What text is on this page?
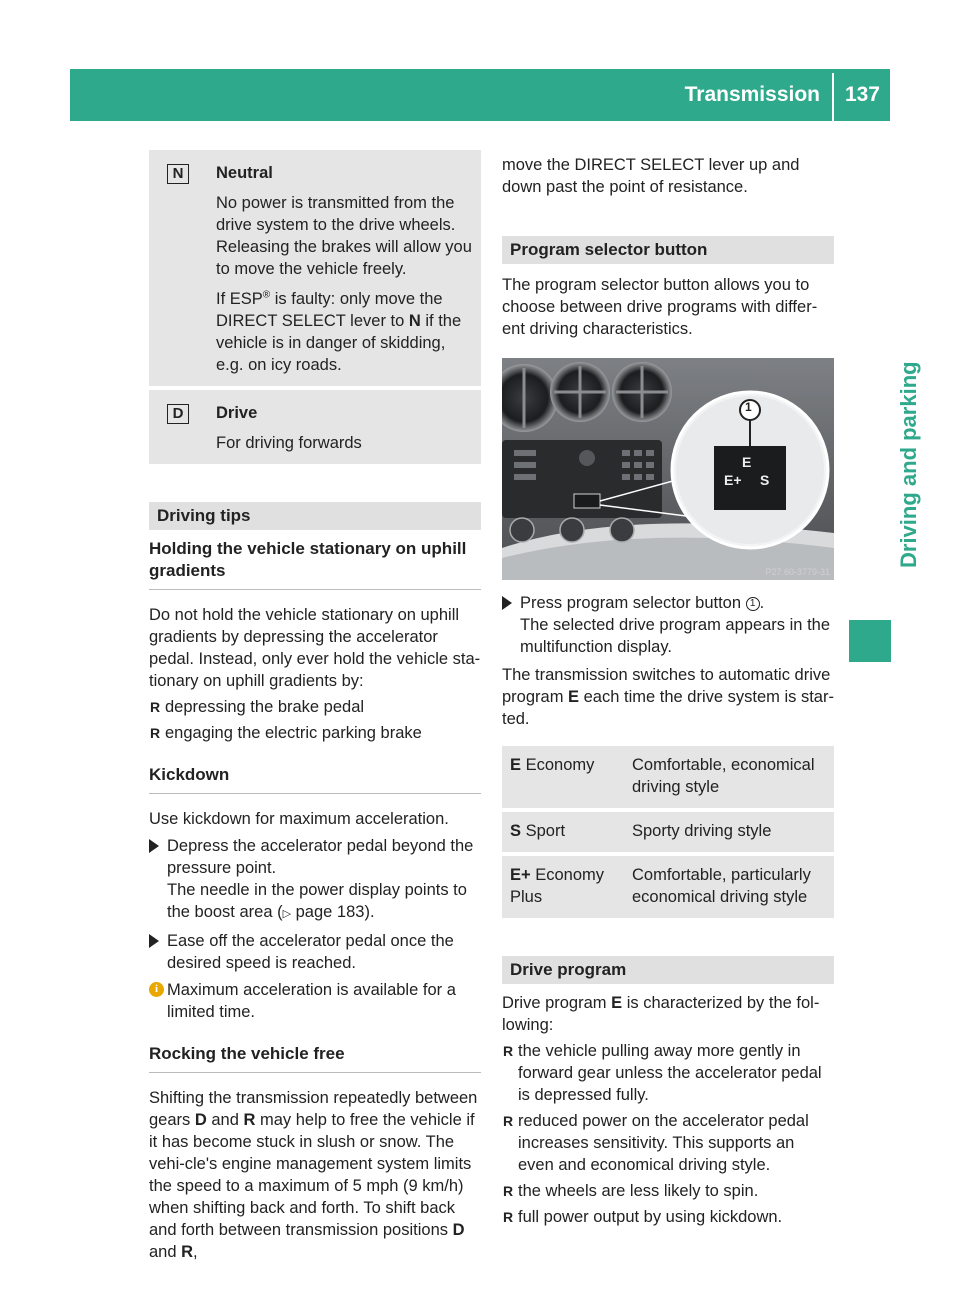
Transmission 137
Driving and parking
N	Neutral
No power is transmitted from the drive system to the drive wheels. Releasing the brakes will allow you to move the vehicle freely.
If ESP® is faulty: only move the DIRECT SELECT lever to N if the vehicle is in danger of skidding, e.g. on icy roads.

D	Drive
For driving forwards
Driving tips
Holding the vehicle stationary on uphill gradients
Do not hold the vehicle stationary on uphill gradients by depressing the accelerator pedal. Instead, only ever hold the vehicle sta-tionary on uphill gradients by:
R depressing the brake pedal
R engaging the electric parking brake
Kickdown
Use kickdown for maximum acceleration.
Depress the accelerator pedal beyond the pressure point.
The needle in the power display points to the boost area (▷ page 183).
Ease off the accelerator pedal once the desired speed is reached.
i Maximum acceleration is available for a limited time.
Rocking the vehicle free
Shifting the transmission repeatedly between gears D and R may help to free the vehicle if it has become stuck in slush or snow. The vehi-cle's engine management system limits the speed to a maximum of 5 mph (9 km/h) when shifting back and forth. To shift back and forth between transmission positions D and R,
move the DIRECT SELECT lever up and down past the point of resistance.
Program selector button
The program selector button allows you to choose between drive programs with differ-ent driving characteristics.
1
E
E+ S
P27.60-3779-31
Press program selector button 1 .
The selected drive program appears in the multifunction display.
The transmission switches to automatic drive program E each time the drive system is star-ted.
E Economy	Comfortable, economical driving style
S Sport	Sporty driving style
E+ Economy Plus	Comfortable, particularly economical driving style
Drive program
Drive program E is characterized by the fol-lowing:
R the vehicle pulling away more gently in forward gear unless the accelerator pedal is depressed fully.
R reduced power on the accelerator pedal increases sensitivity. This supports an even and economical driving style.
R the wheels are less likely to spin.
R full power output by using kickdown.
